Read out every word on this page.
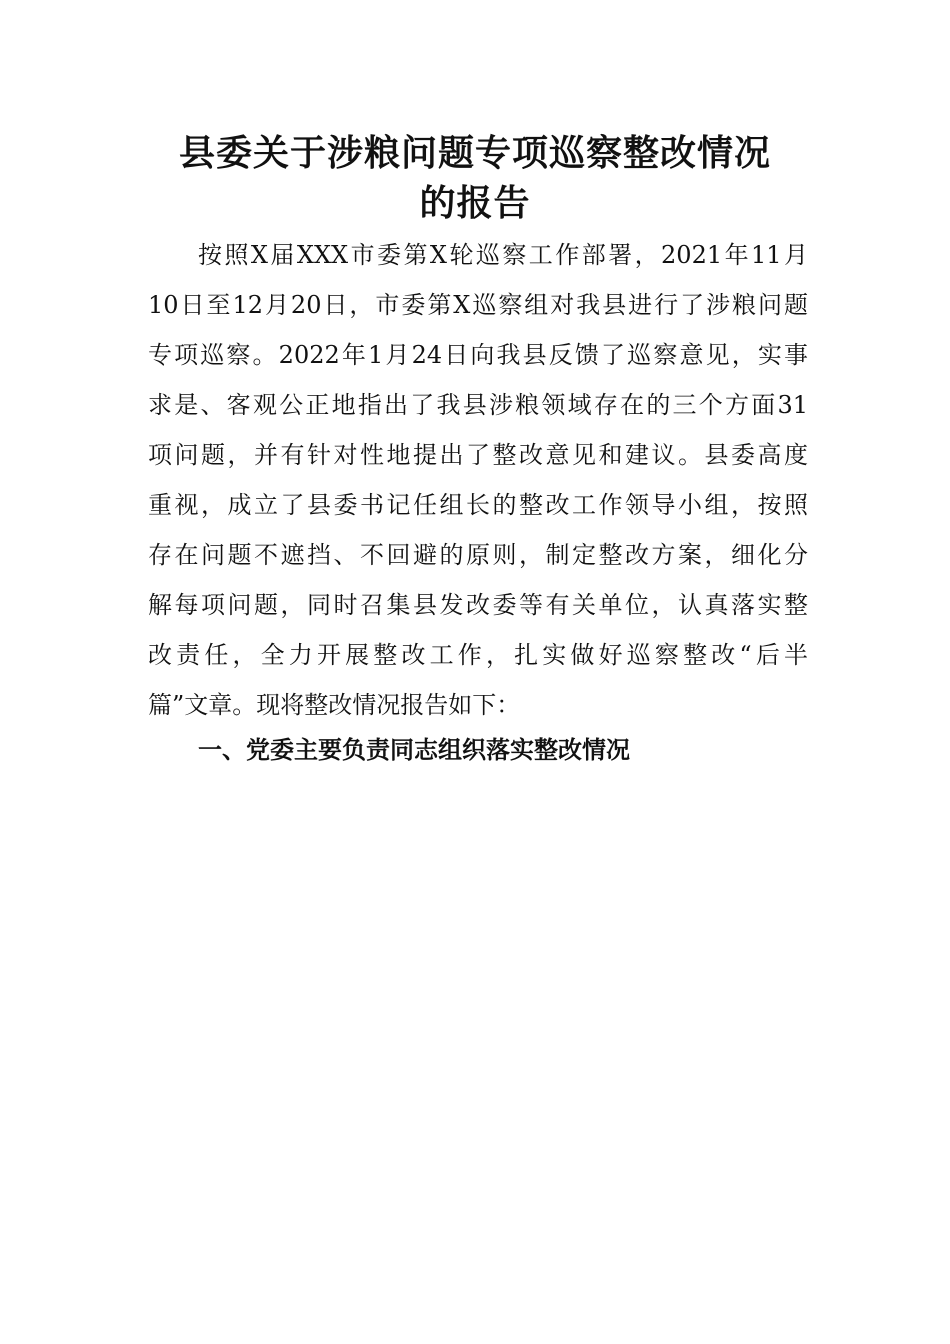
县委关于涉粮问题专项巡察整改情况
的报告
按照X届XXX市委第X轮巡察工作部署，2021年11月
10日至12月20日，市委第X巡察组对我县进行了涉粮问题
专项巡察。2022年1月24日向我县反馈了巡察意见，实事
求是、客观公正地指出了我县涉粮领域存在的三个方面31
项问题，并有针对性地提出了整改意见和建议。县委高度
重视，成立了县委书记任组长的整改工作领导小组，按照
存在问题不遮挡、不回避的原则，制定整改方案，细化分
解每项问题，同时召集县发改委等有关单位，认真落实整
改责任，全力开展整改工作，扎实做好巡察整改“后半
篇”文章。现将整改情况报告如下：
一、党委主要负责同志组织落实整改情况
